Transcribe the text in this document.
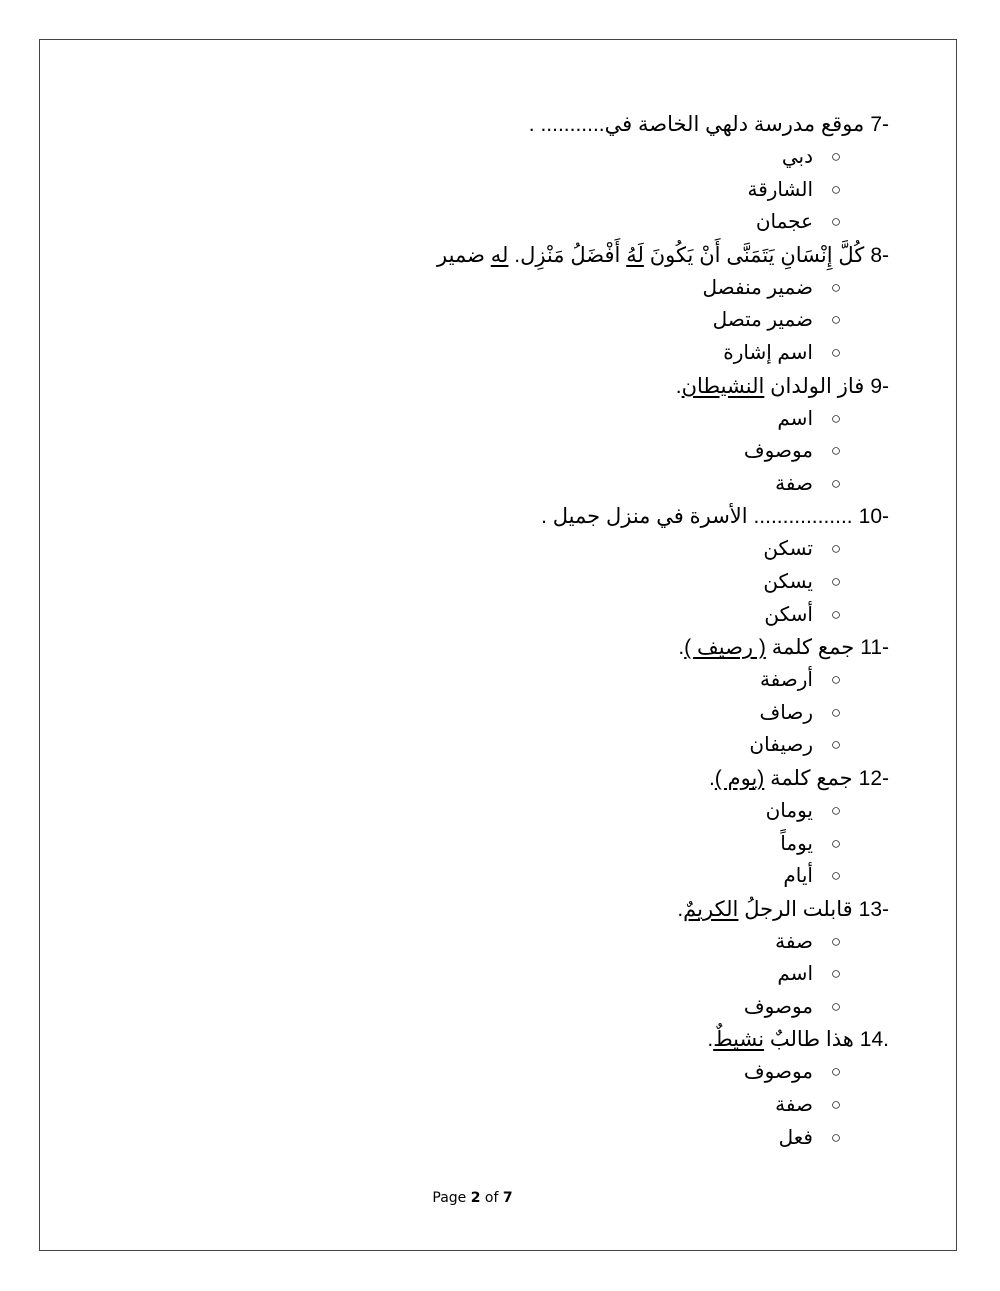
7-موقع مدرسة دلهي الخاصة في........... .
○
دبي
○
الشارقة
○
عجمان
8-كُلَّ إِنْسَانِ يَتَمَنَّى أَنْ يَكُونَ لَهُ أَفْضَلُ مَنْزِل. له ضمير
○
ضمير منفصل
○
ضمير متصل
○
اسم إشارة
9-فاز الولدان النشيطان.
○
اسم
○
موصوف
○
صفة
10-................. الأسرة في منزل جميل .
○
تسكن
○
يسكن
○
أسكن
11-جمع كلمة ( رصيف ).
○
أرصفة
○
رصاف
○
رصيفان
12-جمع كلمة (يوم ).
○
يومان
○
يوماً
○
أيام
13-قابلت الرجلُ الكريمٌ.
○
صفة
○
اسم
○
موصوف
14.هذا طالبٌ نشيطٌ.
○
موصوف
○
صفة
○
فعل
Page 2 of 7
